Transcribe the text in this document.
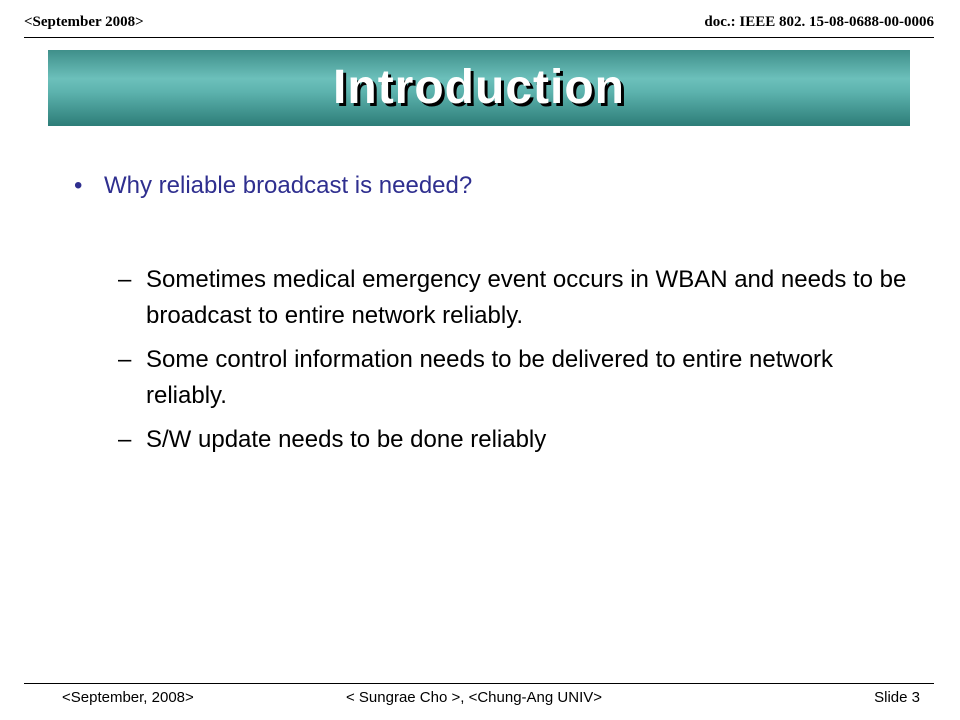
<September 2008>	doc.: IEEE 802. 15-08-0688-00-0006
Introduction
• Why reliable broadcast is needed?
– Sometimes medical emergency event occurs in WBAN and needs to be broadcast to entire network reliably.
– Some control information needs to be delivered to entire network reliably.
– S/W update needs to be done reliably
<September, 2008>	< Sungrae Cho >, <Chung-Ang UNIV>	Slide 3
